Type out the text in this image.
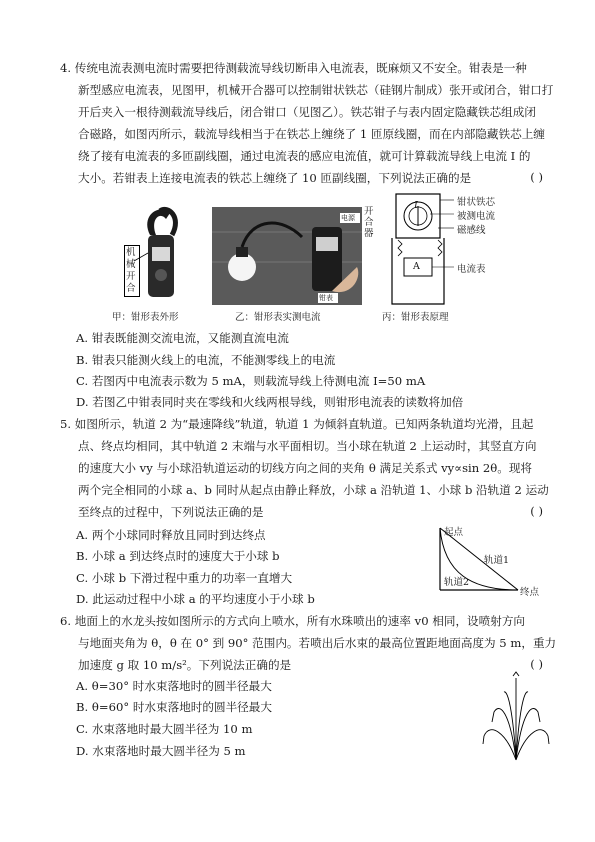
4. 传统电流表测电流时需要把待测载流导线切断串入电流表，既麻烦又不安全。钳表是一种
新型感应电流表，见图甲，机械开合器可以控制钳状铁芯（硅钢片制成）张开或闭合，钳口打
开后夹入一根待测载流导线后，闭合钳口（见图乙）。铁芯钳子与表内固定隐藏铁芯组成闭
合磁路，如图丙所示，载流导线相当于在铁芯上缠绕了 1 匝原线圈，而在内部隐藏铁芯上缠
绕了接有电流表的多匝副线圈，通过电流表的感应电流值，就可计算载流导线上电流 I 的
大小。若钳表上连接电流表的铁芯上缠绕了 10 匝副线圈，下列说法正确的是	( )
机械开合
甲：钳形表外形
电源
钳表
乙：钳形表实测电流
开合器
I
A
钳状铁芯
被测电流
磁感线
电流表
丙：钳形表原理
A. 钳表既能测交流电流，又能测直流电流
B. 钳表只能测火线上的电流，不能测零线上的电流
C. 若图丙中电流表示数为 5 mA，则载流导线上待测电流 I=50 mA
D. 若图乙中钳表同时夹在零线和火线两根导线，则钳形电流表的读数将加倍
5. 如图所示，轨道 2 为“最速降线”轨道，轨道 1 为倾斜直轨道。已知两条轨道均光滑，且起
点、终点均相同，其中轨道 2 末端与水平面相切。当小球在轨道 2 上运动时，其竖直方向
的速度大小 vy 与小球沿轨道运动的切线方向之间的夹角 θ 满足关系式 vy∝sin 2θ。现将
两个完全相同的小球 a、b 同时从起点由静止释放，小球 a 沿轨道 1、小球 b 沿轨道 2 运动
至终点的过程中，下列说法正确的是	( )
起点
轨道1
轨道2
终点
A. 两个小球同时释放且同时到达终点
B. 小球 a 到达终点时的速度大于小球 b
C. 小球 b 下滑过程中重力的功率一直增大
D. 此运动过程中小球 a 的平均速度小于小球 b
6. 地面上的水龙头按如图所示的方式向上喷水，所有水珠喷出的速率 v0 相同，设喷射方向
与地面夹角为 θ，θ 在 0° 到 90° 范围内。若喷出后水束的最高位置距地面高度为 5 m，重力
加速度 g 取 10 m/s²。下列说法正确的是	( )
A. θ=30° 时水束落地时的圆半径最大
B. θ=60° 时水束落地时的圆半径最大
C. 水束落地时最大圆半径为 10 m
D. 水束落地时最大圆半径为 5 m
